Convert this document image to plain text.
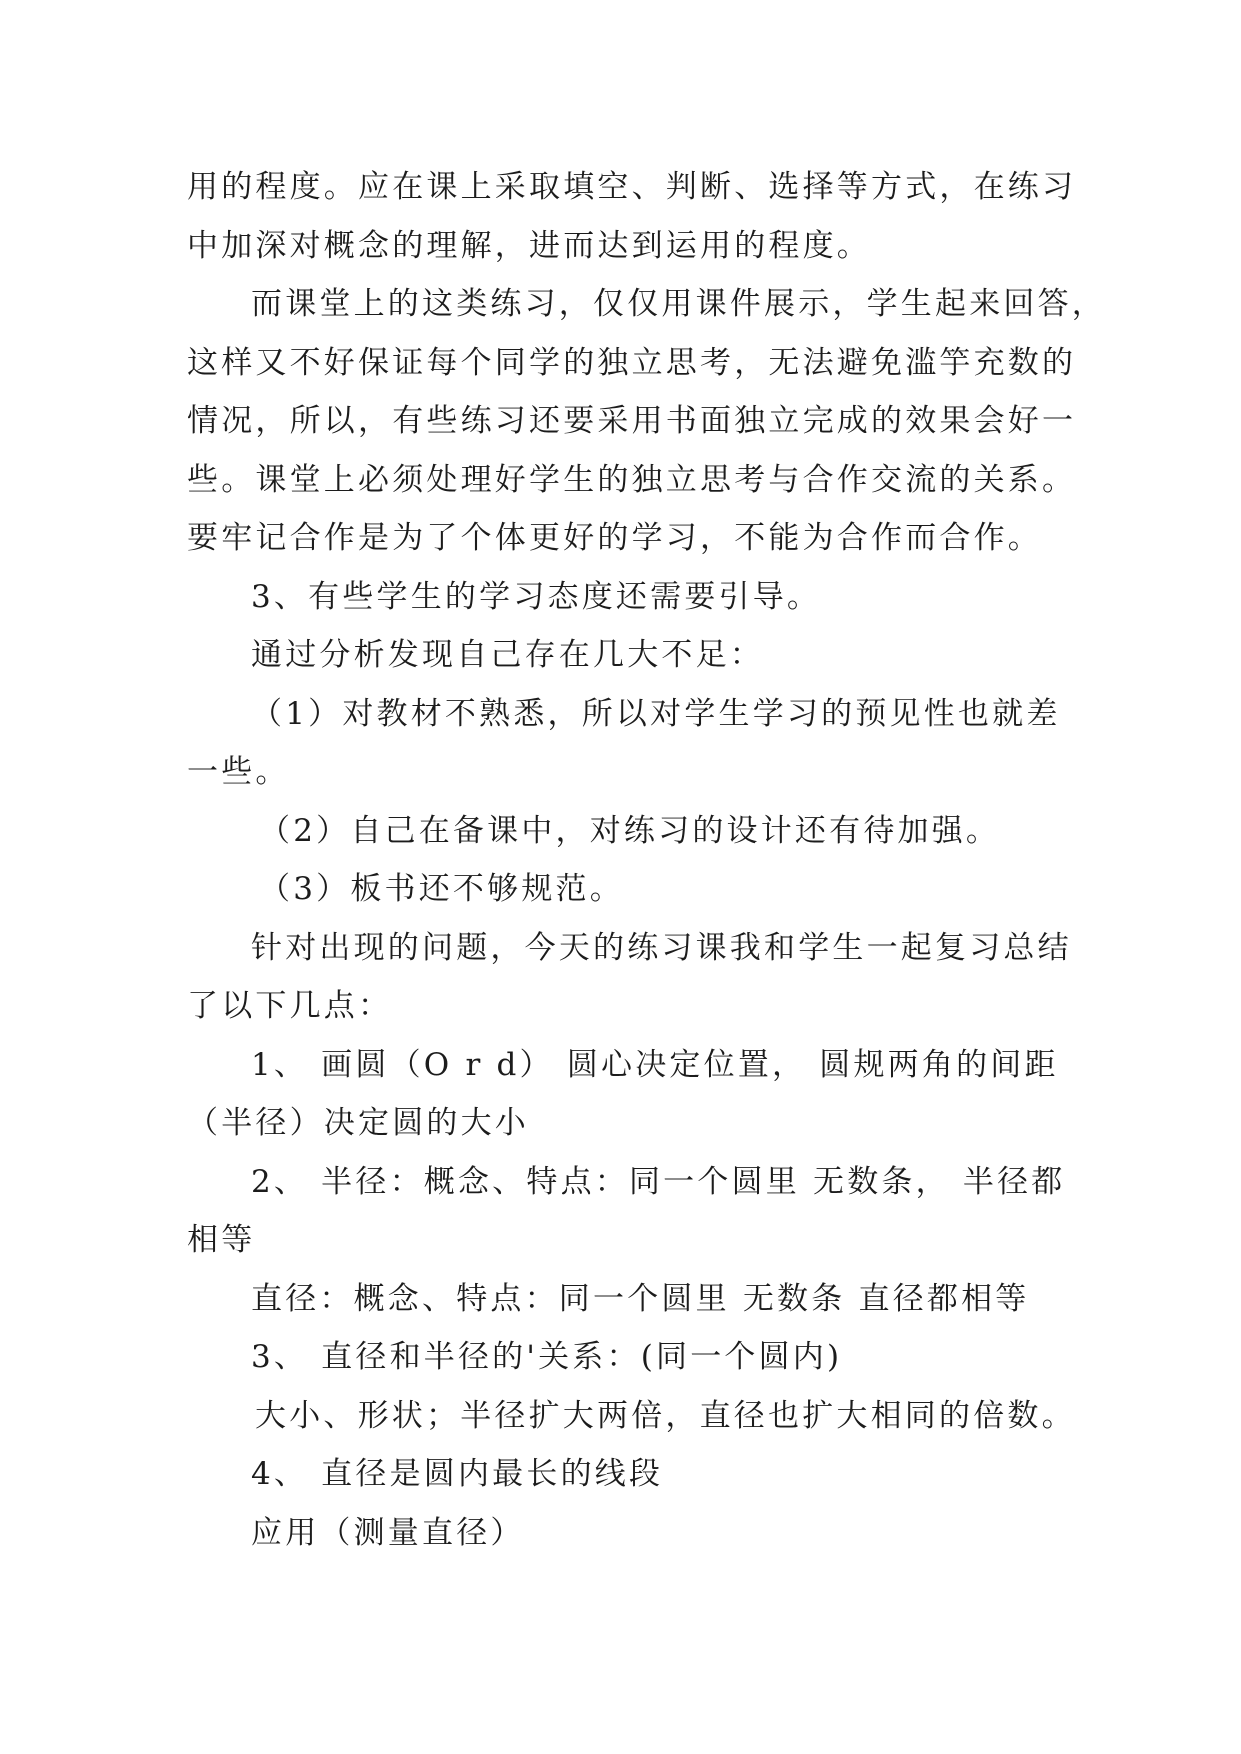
用的程度。应在课上采取填空、判断、选择等方式，在练习

中加深对概念的理解，进而达到运用的程度。

而课堂上的这类练习，仅仅用课件展示，学生起来回答，

这样又不好保证每个同学的独立思考，无法避免滥竽充数的

情况，所以，有些练习还要采用书面独立完成的效果会好一

些。课堂上必须处理好学生的独立思考与合作交流的关系。

要牢记合作是为了个体更好的学习，不能为合作而合作。

3、有些学生的学习态度还需要引导。

通过分析发现自己存在几大不足：

（1）对教材不熟悉，所以对学生学习的预见性也就差

一些。

（2）自己在备课中，对练习的设计还有待加强。

（3）板书还不够规范。

针对出现的问题，今天的练习课我和学生一起复习总结

了以下几点：

1、 画圆（O r d） 圆心决定位置， 圆规两角的间距

（半径）决定圆的大小

2、 半径：概念、特点：同一个圆里 无数条， 半径都

相等

直径：概念、特点：同一个圆里 无数条 直径都相等

3、 直径和半径的'关系：(同一个圆内)

大小、形状；半径扩大两倍，直径也扩大相同的倍数。

4、 直径是圆内最长的线段

应用（测量直径）
